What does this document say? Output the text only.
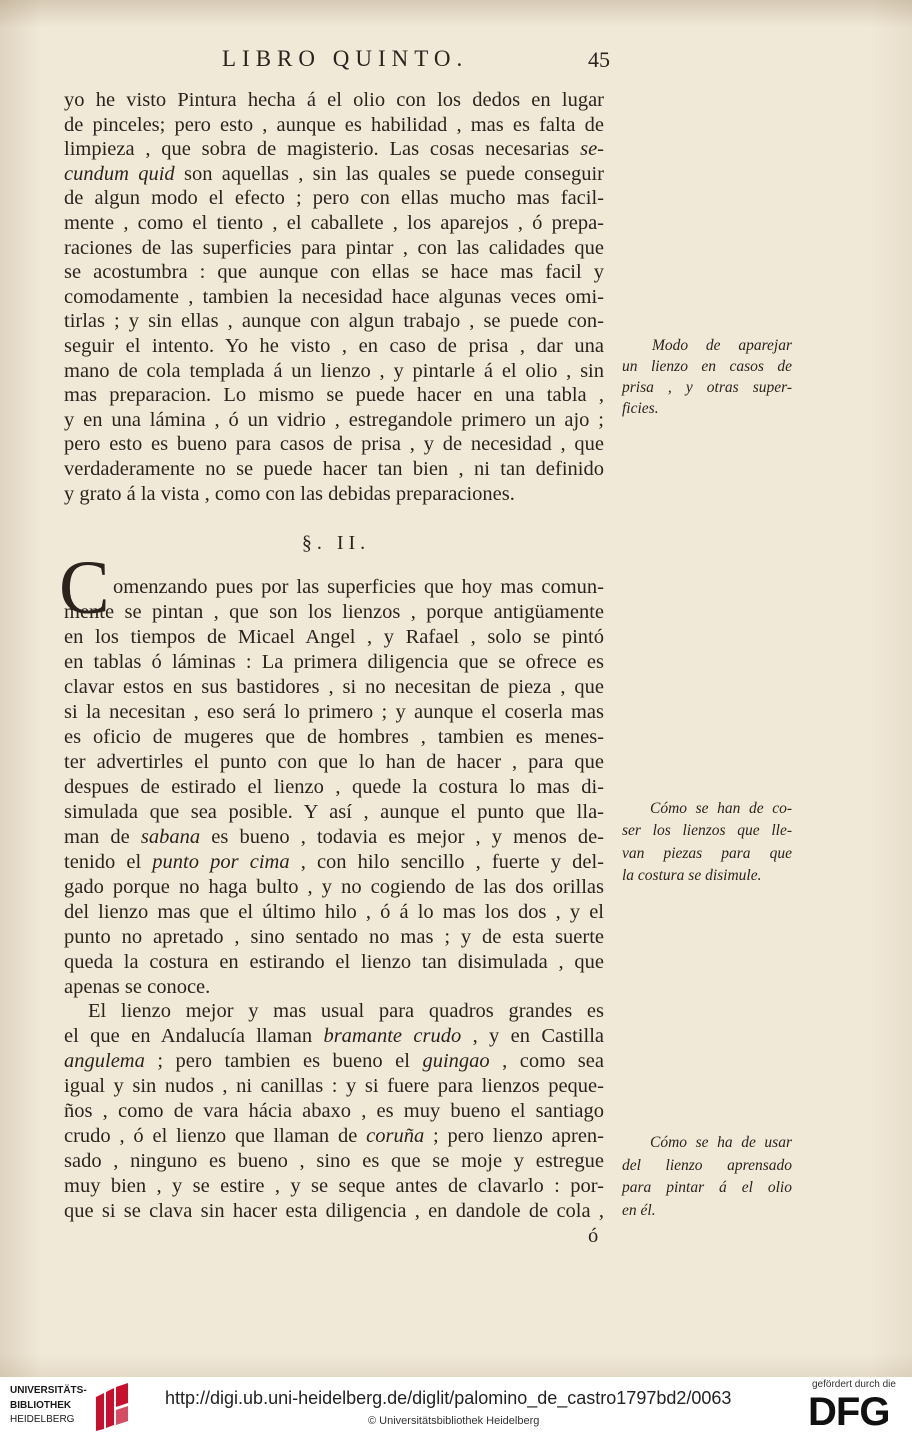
LIBRO QUINTO.	45
yo he visto Pintura hecha á el olio con los dedos en lugar
de pinceles; pero esto , aunque es habilidad , mas es falta de
limpieza , que sobra de magisterio. Las cosas necesarias se-
cundum quid son aquellas , sin las quales se puede conseguir
de algun modo el efecto ; pero con ellas mucho mas facil-
mente , como el tiento , el caballete , los aparejos , ó prepa-
raciones de las superficies para pintar , con las calidades que
se acostumbra : que aunque con ellas se hace mas facil y
comodamente , tambien la necesidad hace algunas veces omi-
tirlas ; y sin ellas , aunque con algun trabajo , se puede con-
seguir el intento. Yo he visto , en caso de prisa , dar una
mano de cola templada á un lienzo , y pintarle á el olio , sin
mas preparacion. Lo mismo se puede hacer en una tabla ,
y en una lámina , ó un vidrio , estregandole primero un ajo ;
pero esto es bueno para casos de prisa , y de necesidad , que
verdaderamente no se puede hacer tan bien , ni tan definido
y grato á la vista , como con las debidas preparaciones.
§. II.
C omenzando pues por las superficies que hoy mas comun-
mente se pintan , que son los lienzos , porque antigüamente
en los tiempos de Micael Angel , y Rafael , solo se pintó
en tablas ó láminas : La primera diligencia que se ofrece es
clavar estos en sus bastidores , si no necesitan de pieza , que
si la necesitan , eso será lo primero ; y aunque el coserla mas
es oficio de mugeres que de hombres , tambien es menes-
ter advertirles el punto con que lo han de hacer , para que
despues de estirado el lienzo , quede la costura lo mas di-
simulada que sea posible. Y así , aunque el punto que lla-
man de sabana es bueno , todavia es mejor , y menos de-
tenido el punto por cima , con hilo sencillo , fuerte y del-
gado porque no haga bulto , y no cogiendo de las dos orillas
del lienzo mas que el último hilo , ó á lo mas los dos , y el
punto no apretado , sino sentado no mas ; y de esta suerte
queda la costura en estirando el lienzo tan disimulada , que
apenas se conoce.
El lienzo mejor y mas usual para quadros grandes es
el que en Andalucía llaman bramante crudo , y en Castilla
angulema ; pero tambien es bueno el guingao , como sea
igual y sin nudos , ni canillas : y si fuere para lienzos peque-
ños , como de vara hácia abaxo , es muy bueno el santiago
crudo , ó el lienzo que llaman de coruña ; pero lienzo apren-
sado , ninguno es bueno , sino es que se moje y estregue
muy bien , y se estire , y se seque antes de clavarlo : por-
que si se clava sin hacer esta diligencia , en dandole de cola ,
ó
Modo de aparejar
un lienzo en casos de
prisa , y otras super-
ficies.
Cómo se han de co-
ser los lienzos que lle-
van piezas para que
la costura se disimule.
Cómo se ha de usar
del lienzo aprensado
para pintar á el olio
en él.
UNIVERSITÄTS-
BIBLIOTHEK
HEIDELBERG
http://digi.ub.uni-heidelberg.de/diglit/palomino_de_castro1797bd2/0063
© Universitätsbibliothek Heidelberg
gefördert durch die
DFG
